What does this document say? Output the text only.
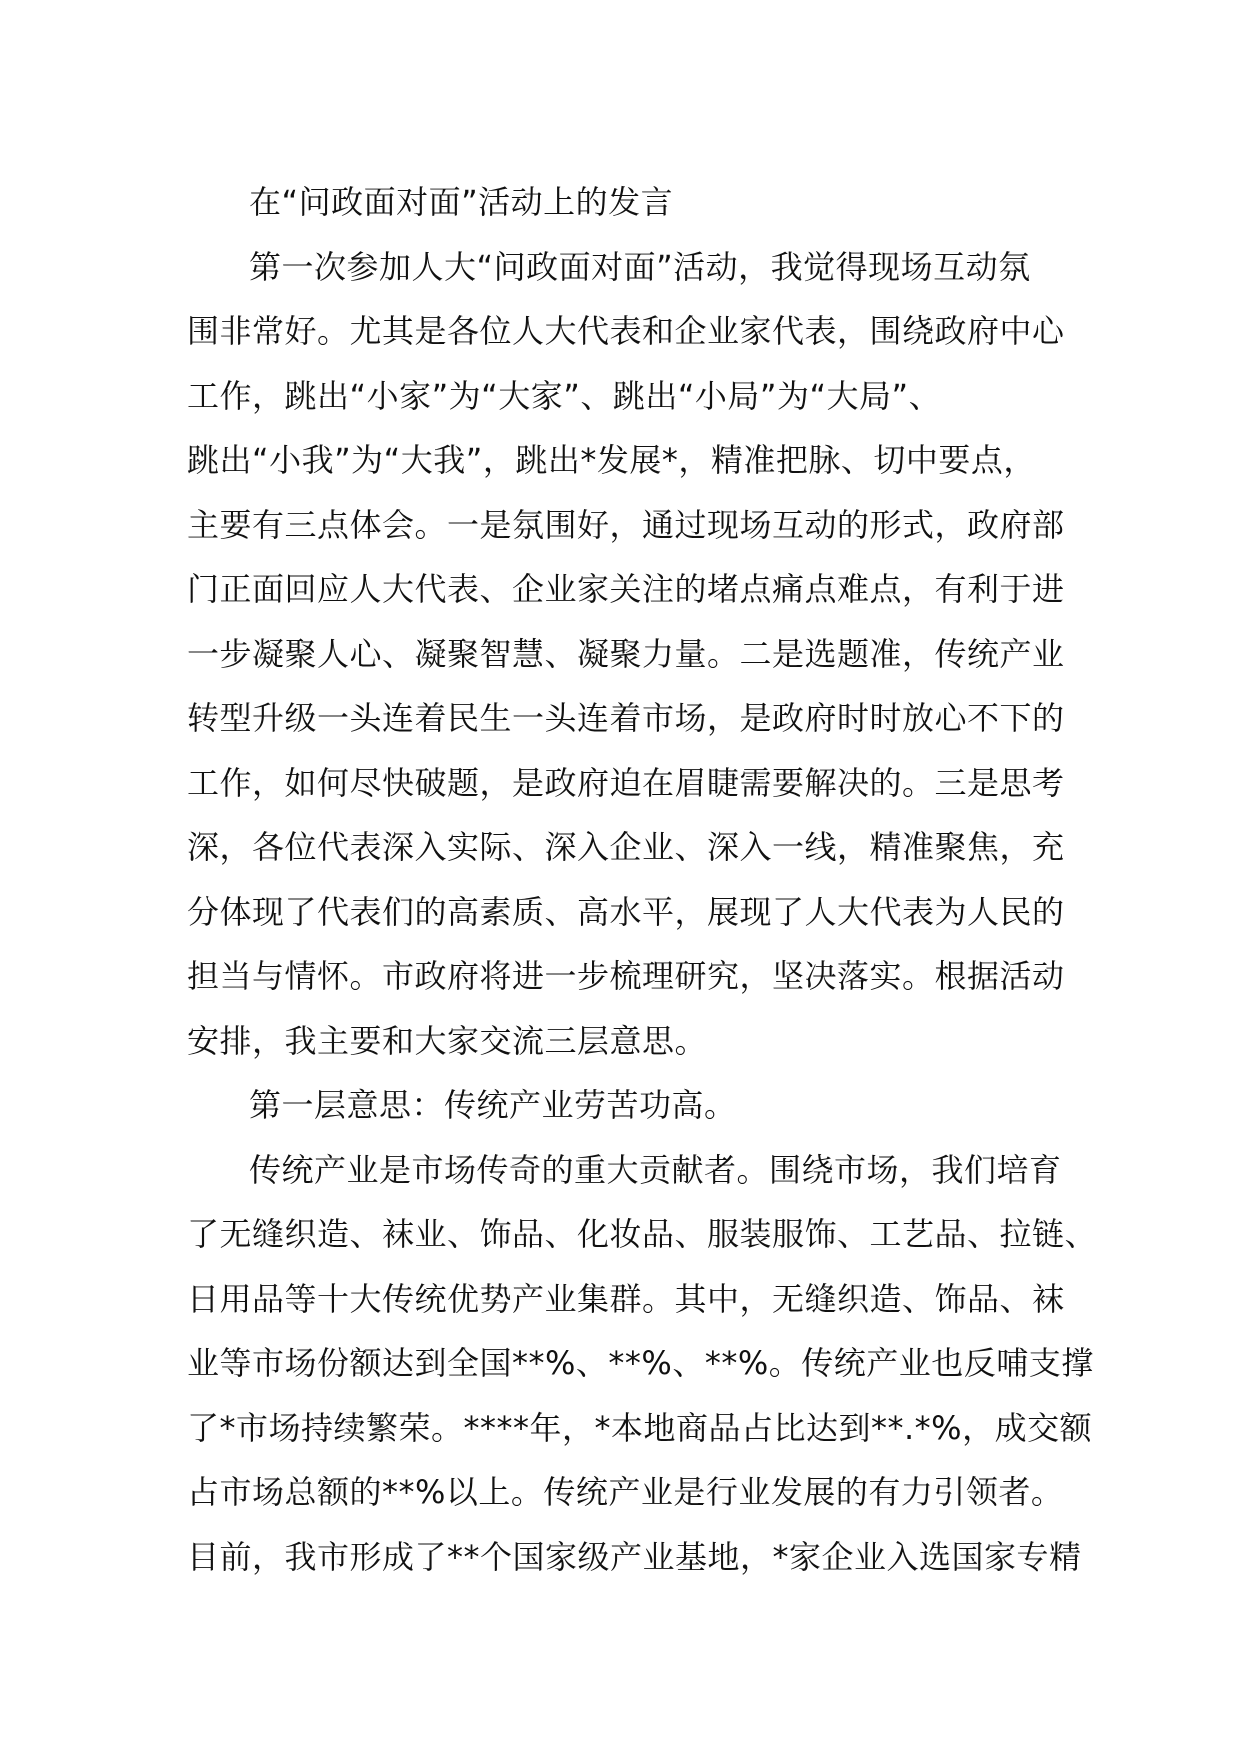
在“问政面对面”活动上的发言
第一次参加人大“问政面对面”活动，我觉得现场互动氛
围非常好。尤其是各位人大代表和企业家代表，围绕政府中心
工作，跳出“小家”为“大家”、跳出“小局”为“大局”、
跳出“小我”为“大我”，跳出*发展*，精准把脉、切中要点，
主要有三点体会。一是氛围好，通过现场互动的形式，政府部
门正面回应人大代表、企业家关注的堵点痛点难点，有利于进
一步凝聚人心、凝聚智慧、凝聚力量。二是选题准，传统产业
转型升级一头连着民生一头连着市场，是政府时时放心不下的
工作，如何尽快破题，是政府迫在眉睫需要解决的。三是思考
深，各位代表深入实际、深入企业、深入一线，精准聚焦，充
分体现了代表们的高素质、高水平，展现了人大代表为人民的
担当与情怀。市政府将进一步梳理研究，坚决落实。根据活动
安排，我主要和大家交流三层意思。
第一层意思：传统产业劳苦功高。
传统产业是市场传奇的重大贡献者。围绕市场，我们培育
了无缝织造、袜业、饰品、化妆品、服装服饰、工艺品、拉链、
日用品等十大传统优势产业集群。其中，无缝织造、饰品、袜
业等市场份额达到全国**%、**%、**%。传统产业也反哺支撑
了*市场持续繁荣。****年，*本地商品占比达到**.*%，成交额
占市场总额的**%以上。传统产业是行业发展的有力引领者。
目前，我市形成了**个国家级产业基地，*家企业入选国家专精
